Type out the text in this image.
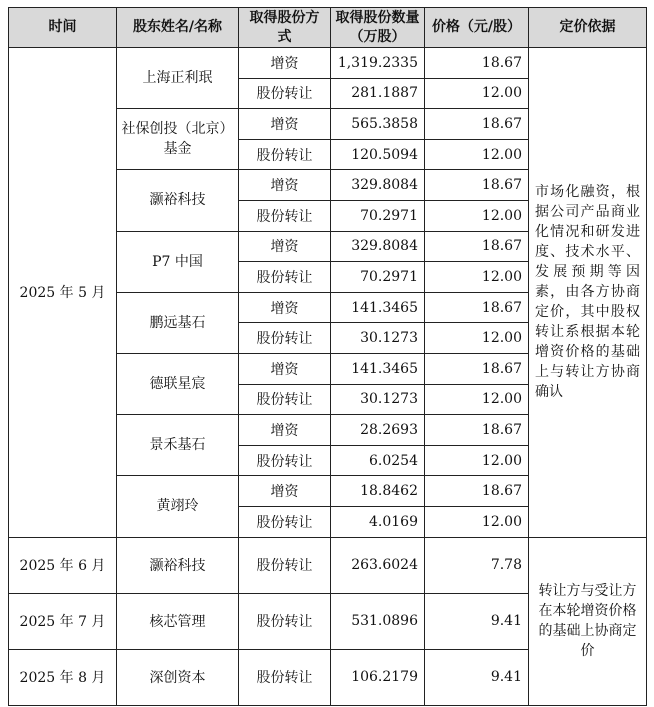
时间	股东姓名/名称	取得股份方式	取得股份数量（万股）	价格（元/股）	定价依据
2025 年 5 月	上海正利珉	增资	1,319.2335	18.67	市场化融资，根据公司产品商业化情况和研发进度、技术水平、发展预期等因素，由各方协商定价，其中股权转让系根据本轮增资价格的基础上与转让方协商确认
		股份转让	281.1887	12.00	
	社保创投（北京）基金	增资	565.3858	18.67	
		股份转让	120.5094	12.00	
	灏裕科技	增资	329.8084	18.67	
		股份转让	70.2971	12.00	
	P7 中国	增资	329.8084	18.67	
		股份转让	70.2971	12.00	
	鹏远基石	增资	141.3465	18.67	
		股份转让	30.1273	12.00	
	德联星宸	增资	141.3465	18.67	
		股份转让	30.1273	12.00	
	景禾基石	增资	28.2693	18.67	
		股份转让	6.0254	12.00	
	黄翊玲	增资	18.8462	18.67	
		股份转让	4.0169	12.00	
2025 年 6 月	灏裕科技	股份转让	263.6024	7.78	转让方与受让方在本轮增资价格的基础上协商定价
2025 年 7 月	核芯管理	股份转让	531.0896	9.41	
2025 年 8 月	深创资本	股份转让	106.2179	9.41	
